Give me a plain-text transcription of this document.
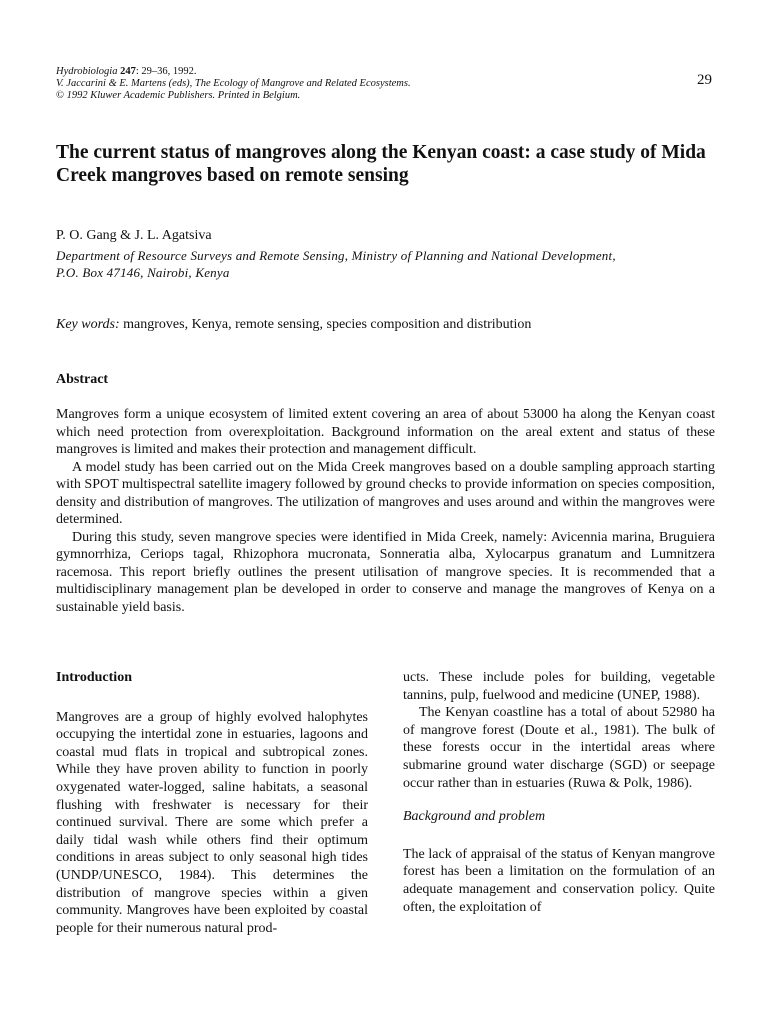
Hydrobiologia 247: 29–36, 1992.
V. Jaccarini & E. Martens (eds), The Ecology of Mangrove and Related Ecosystems.
© 1992 Kluwer Academic Publishers. Printed in Belgium.
29
The current status of mangroves along the Kenyan coast: a case study of Mida Creek mangroves based on remote sensing
P. O. Gang & J. L. Agatsiva
Department of Resource Surveys and Remote Sensing, Ministry of Planning and National Development,
P.O. Box 47146, Nairobi, Kenya
Key words: mangroves, Kenya, remote sensing, species composition and distribution
Abstract

Mangroves form a unique ecosystem of limited extent covering an area of about 53000 ha along the Kenyan coast which need protection from overexploitation. Background information on the areal extent and status of these mangroves is limited and makes their protection and management difficult.

A model study has been carried out on the Mida Creek mangroves based on a double sampling approach starting with SPOT multispectral satellite imagery followed by ground checks to provide information on species composition, density and distribution of mangroves. The utilization of mangroves and uses around and within the mangroves were determined.

During this study, seven mangrove species were identified in Mida Creek, namely: Avicennia marina, Bruguiera gymnorrhiza, Ceriops tagal, Rhizophora mucronata, Sonneratia alba, Xylocarpus granatum and Lumnitzera racemosa. This report briefly outlines the present utilisation of mangrove species. It is recommended that a multidisciplinary management plan be developed in order to conserve and manage the mangroves of Kenya on a sustainable yield basis.

Introduction

Mangroves are a group of highly evolved halophytes occupying the intertidal zone in estuaries, lagoons and coastal mud flats in tropical and subtropical zones. While they have proven ability to function in poorly oxygenated water-logged, saline habitats, a seasonal flushing with freshwater is necessary for their continued survival. There are some which prefer a daily tidal wash while others find their optimum conditions in areas subject to only seasonal high tides (UNDP/UNESCO, 1984). This determines the distribution of mangrove species within a given community. Mangroves have been exploited by coastal people for their numerous natural prod-

ucts. These include poles for building, vegetable tannins, pulp, fuelwood and medicine (UNEP, 1988).

The Kenyan coastline has a total of about 52980 ha of mangrove forest (Doute et al., 1981). The bulk of these forests occur in the intertidal areas where submarine ground water discharge (SGD) or seepage occur rather than in estuaries (Ruwa & Polk, 1986).

Background and problem

The lack of appraisal of the status of Kenyan mangrove forest has been a limitation on the formulation of an adequate management and conservation policy. Quite often, the exploitation of
